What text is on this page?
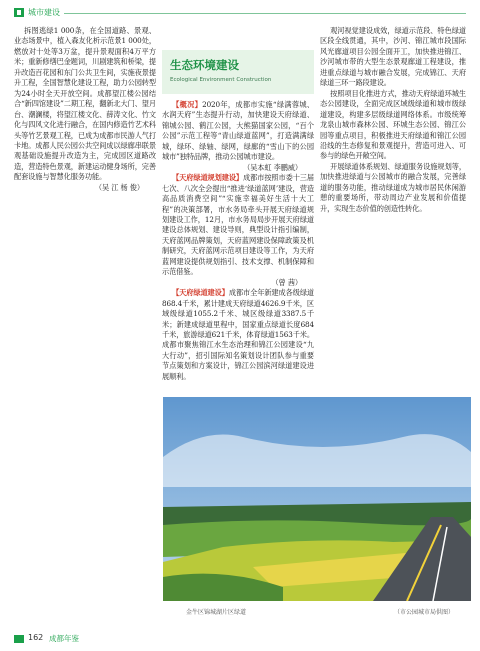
城市建设

拆图逃绿1 000条，在全国道路、景观、业态场景中，植入森友化析示范景1 000处，燃放对十处等3万盆，提升景观面积4万平方米；重新修缮巴金题词，川剧建筑和桥梁，提升改造百花园和东门公共卫生间，实施夜景提升工程，全国智慧化建设工程，助力公园转型为24小时全天开放空间。成都望江楼公园结合“新四馆建设”二期工程，翻新北大门、望月台、潮澜楼，将望江楼文化、薛涛文化、竹文化与四风文化进行融合，在国内修造竹艺术科头等竹艺景观工程，已成为成都市民游人气打卡地。成都人民公园公共空间成以绿廊串联景观基础设施提升改造为主，完成园区道路改造，营造特色景观，新建运动健身场所，完善配套设施与智慧化服务功能。

（吴 江 杨 俊）

生态环境建设
Ecological Environment Construction

【概况】2020年，成都市实施“绿满蓉城、水润天府”生态提升行动，加快建设天府绿道、锦城公园、鹤江公园，大熊猫国家公园，“百个公园”示范工程等“青山绿道蓝网”，打造满满绿城，绿环、绿轴、绿网，绿廊的“雪山下的公园城市”独特品牌，推动公园城市建设。

（吴本虹 李鹏威）

【天府绿道规划建设】成都市按照市委十三届七次、八次全会提出“推进‘绿道蓝网’建设，营造高品质消费空间”“实施幸福美好生活十大工程”的决策部署，市水务局牵头开展天府绿道规划建设工作，12月，市水务局局步开展天府绿道建设总体规划、建设导则，典型设计指引编制，天府蓝网品牌策划，天府蓝网建设保障政策及机制研究，天府蓝网示范项目建设等工作，为天府蓝网建设提供规划指引、技术支撑、机制保障和示范借鉴。

（曾 茜）

【天府绿道建设】成都市全年新建成各级绿道868.4千米，累计建成天府绿道4626.9千米，区域级绿道1055.2千米、城区级绿道3387.5千米；新建成绿道里程中，国家重点绿道长度684千米，旅游绿道621千米，体育绿道1563千米。成都市聚焦锦江水生态治理和锦江公园建设“九大行动”，招引国际知名策划设计团队参与重要节点策划和方案设计，锦江公园滨河绿道建设进展顺利。

观河视觉建设成效，绿道示范段、特色绿道区段全线贯通，其中，沙河、锦江城市段国际风光廊道项目公园全面开工，加快推进锦江、沙河城市带的大型生态景观廊道工程建设，推进重点绿道与城市融合发展，完成锦江、天府绿道三环一路段建设。

按照项目化推进方式，推动天府绿道环城生态公园建设，全面完成区域级绿道和城市级绿道建设，构建多层级绿道网络体系。市级统筹龙泉山城市森林公园、环城生态公园、锦江公园等重点项目，积极推进天府绿道和锦江公园沿线的生态修复和景观提升，营造可进入、可参与的绿色开敞空间。

开展绿道体系规划、绿道服务设施规划等，加快推进绿道与公园城市的融合发展，完善绿道的服务功能，推动绿道成为城市居民休闲游憩的重要场所，带动周边产业发展和价值提升，实现生态价值的创造性转化。

金牛区锦城湖片区绿道	（市公园城市局供图）
162 成都年鉴
